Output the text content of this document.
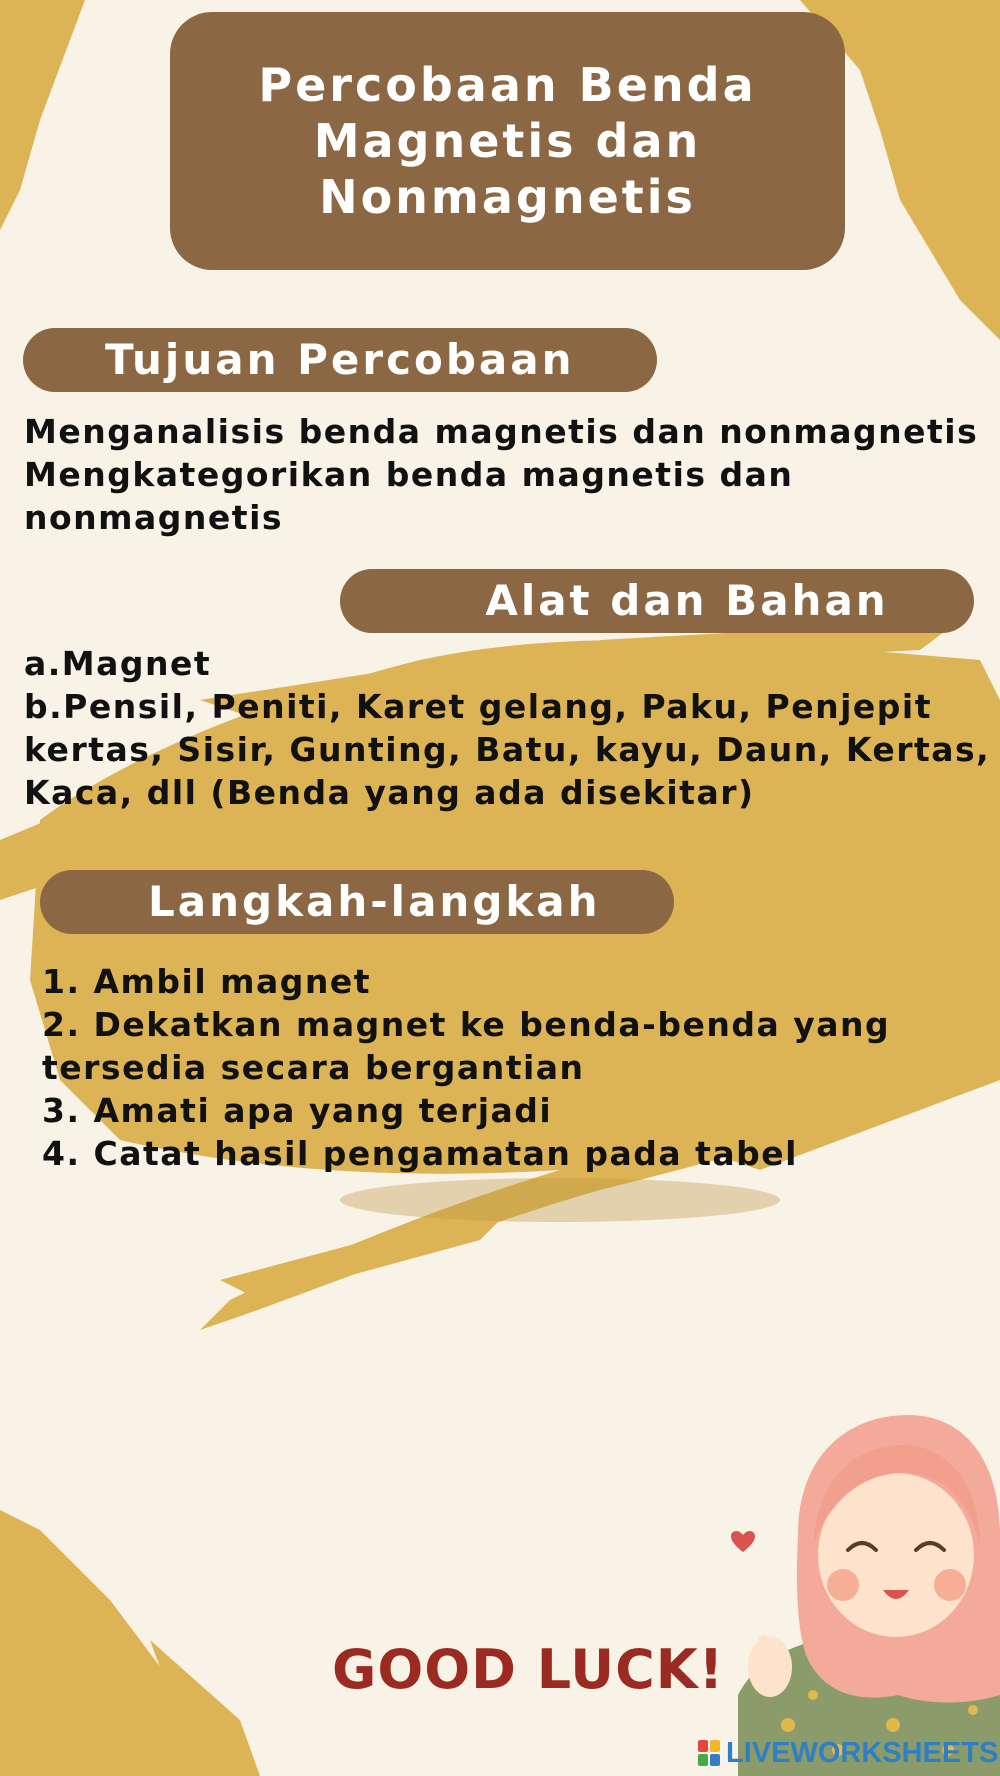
Percobaan Benda
Magnetis dan
Nonmagnetis
Tujuan Percobaan
Menganalisis benda magnetis dan nonmagnetis
Mengkategorikan benda magnetis dan
nonmagnetis
Alat dan Bahan
a.Magnet
b.Pensil, Peniti, Karet gelang, Paku, Penjepit
kertas, Sisir, Gunting, Batu, kayu, Daun, Kertas,
Kaca, dll (Benda yang ada disekitar)
Langkah-langkah
1. Ambil magnet
2. Dekatkan magnet ke benda-benda yang
tersedia secara bergantian
3. Amati apa yang terjadi
4. Catat hasil pengamatan pada tabel
GOOD LUCK!
LIVEWORKSHEETS
